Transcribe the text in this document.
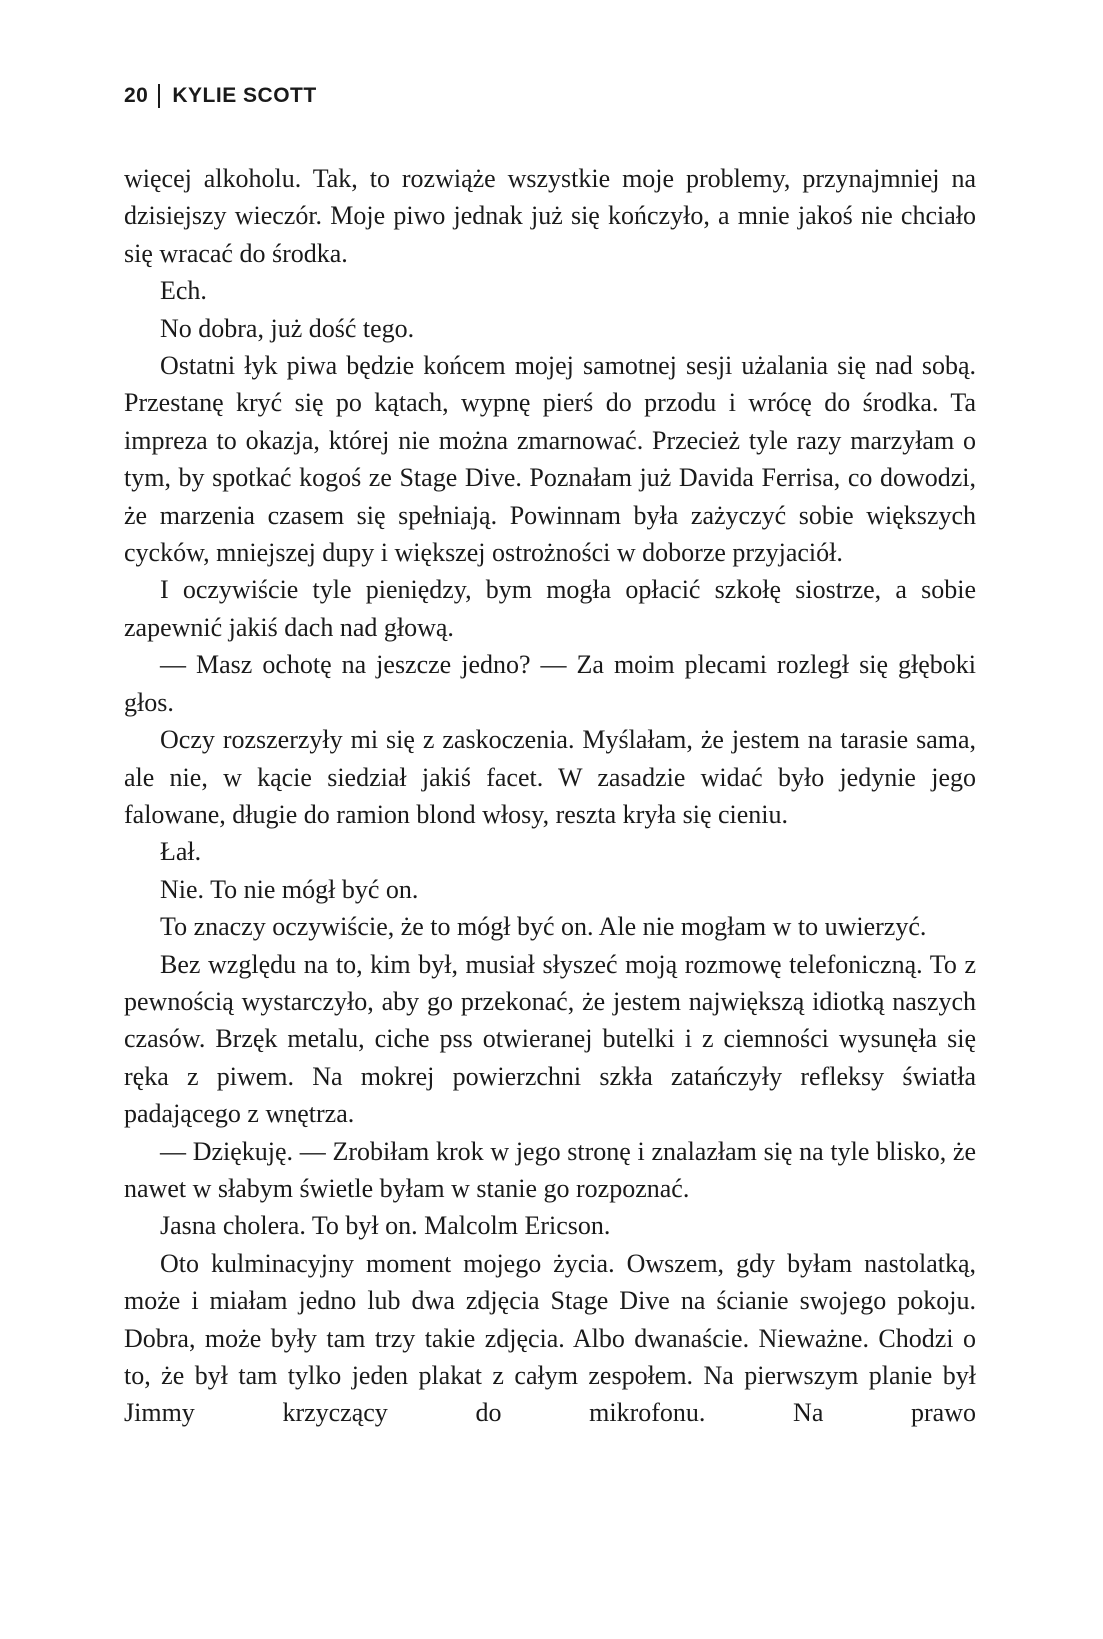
20 KYLIE SCOTT

więcej alkoholu. Tak, to rozwiąże wszystkie moje problemy, przynajmniej na dzisiejszy wieczór. Moje piwo jednak już się kończyło, a mnie jakoś nie chciało się wracać do środka.

Ech.

No dobra, już dość tego.

Ostatni łyk piwa będzie końcem mojej samotnej sesji użalania się nad sobą. Przestanę kryć się po kątach, wypnę pierś do przodu i wrócę do środka. Ta impreza to okazja, której nie można zmarnować. Przecież tyle razy marzyłam o tym, by spotkać kogoś ze Stage Dive. Poznałam już Davida Ferrisa, co dowodzi, że marzenia czasem się spełniają. Powinnam była zażyczyć sobie większych cycków, mniejszej dupy i większej ostrożności w doborze przyjaciół.

I oczywiście tyle pieniędzy, bym mogła opłacić szkołę siostrze, a sobie zapewnić jakiś dach nad głową.

— Masz ochotę na jeszcze jedno? — Za moim plecami rozległ się głęboki głos.

Oczy rozszerzyły mi się z zaskoczenia. Myślałam, że jestem na tarasie sama, ale nie, w kącie siedział jakiś facet. W zasadzie widać było jedynie jego falowane, długie do ramion blond włosy, reszta kryła się cieniu.

Łał.

Nie. To nie mógł być on.

To znaczy oczywiście, że to mógł być on. Ale nie mogłam w to uwierzyć.

Bez względu na to, kim był, musiał słyszeć moją rozmowę telefoniczną. To z pewnością wystarczyło, aby go przekonać, że jestem największą idiotką naszych czasów. Brzęk metalu, ciche pss otwieranej butelki i z ciemności wysunęła się ręka z piwem. Na mokrej powierzchni szkła zatańczyły refleksy światła padającego z wnętrza.

— Dziękuję. — Zrobiłam krok w jego stronę i znalazłam się na tyle blisko, że nawet w słabym świetle byłam w stanie go rozpoznać.

Jasna cholera. To był on. Malcolm Ericson.

Oto kulminacyjny moment mojego życia. Owszem, gdy byłam nastolatką, może i miałam jedno lub dwa zdjęcia Stage Dive na ścianie swojego pokoju. Dobra, może były tam trzy takie zdjęcia. Albo dwanaście. Nieważne. Chodzi o to, że był tam tylko jeden plakat z całym zespołem. Na pierwszym planie był Jimmy krzyczący do mikrofonu. Na prawo
